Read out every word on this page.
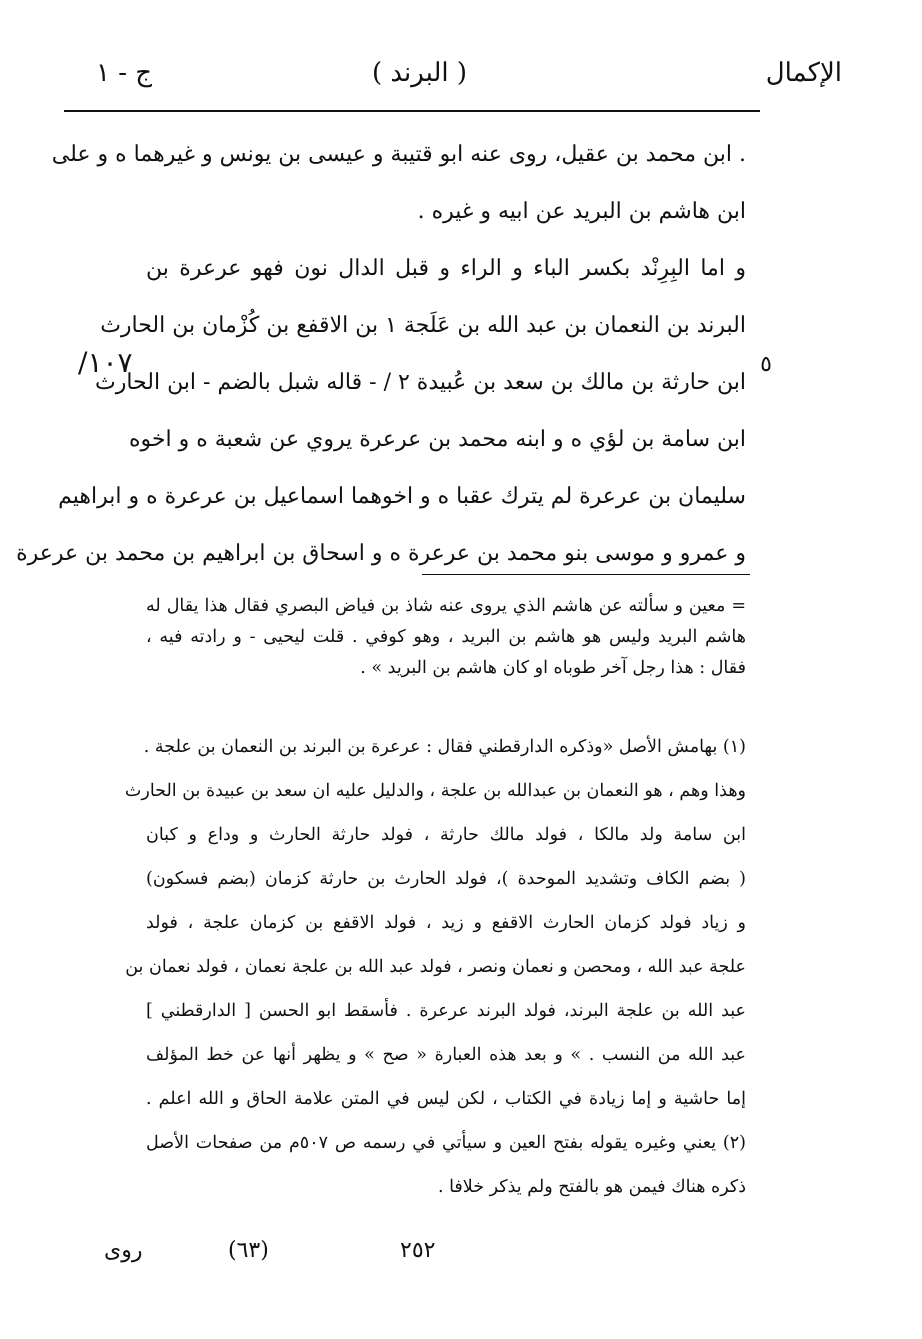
الإكمال
( البرند )
ج - ١
. ابن محمد بن عقيل، روى عنه ابو قتيبة و عيسى بن يونس و غيرهما ه و على
ابن هاشم بن البريد عن ابيه و غيره .
و اما البِرِنْد بكسر الباء و الراء و قبل الدال نون فهو عرعرة بن
البرند بن النعمان بن عبد الله بن عَلَجة ١ بن الاقفع بن كُزْمان بن الحارث
ابن حارثة بن مالك بن سعد بن عُبيدة ٢ / - قاله شبل بالضم - ابن الحارث
ابن سامة بن لؤي ه و ابنه محمد بن عرعرة يروي عن شعبة ه و اخوه
سليمان بن عرعرة لم يترك عقبا ه و اخوهما اسماعيل بن عرعرة ه و ابراهيم
و عمرو و موسى بنو محمد بن عرعرة ه و اسحاق بن ابراهيم بن محمد بن عرعرة
٥
/١٠٧
= معين و سألته عن هاشم الذي يروى عنه شاذ بن فياض البصري فقال هذا يقال له
هاشم البريد وليس هو هاشم بن البريد ، وهو كوفي . قلت ليحيى - و رادته فيه ،
فقال : هذا رجل آخر طوباه او كان هاشم بن البريد » .
(١) بهامش الأصل «وذكره الدارقطني فقال : عرعرة بن البرند بن النعمان بن علجة .
وهذا وهم ، هو النعمان بن عبدالله بن علجة ، والدليل عليه ان سعد بن عبيدة بن الحارث
ابن سامة ولد مالكا ، فولد مالك حارثة ، فولد حارثة الحارث و وداع و كبان
( بضم الكاف وتشديد الموحدة )، فولد الحارث بن حارثة كزمان (بضم فسكون)
و زياد فولد كزمان الحارث الاقفع و زيد ، فولد الاقفع بن كزمان علجة ، فولد
علجة عبد الله ، ومحصن و نعمان ونصر ، فولد عبد الله بن علجة نعمان ، فولد نعمان بن
عبد الله بن علجة البرند، فولد البرند عرعرة . فأسقط ابو الحسن [ الدارقطني ]
عبد الله من النسب . » و بعد هذه العبارة « صح » و يظهر أنها عن خط المؤلف
إما حاشية و إما زيادة في الكتاب ، لكن ليس في المتن علامة الحاق و الله اعلم .
(٢) يعني وغيره يقوله بفتح العين و سيأتي في رسمه ص ٥٠٧م من صفحات الأصل
ذكره هناك فيمن هو بالفتح ولم يذكر خلافا .
٢٥٢
(٦٣)
روى
